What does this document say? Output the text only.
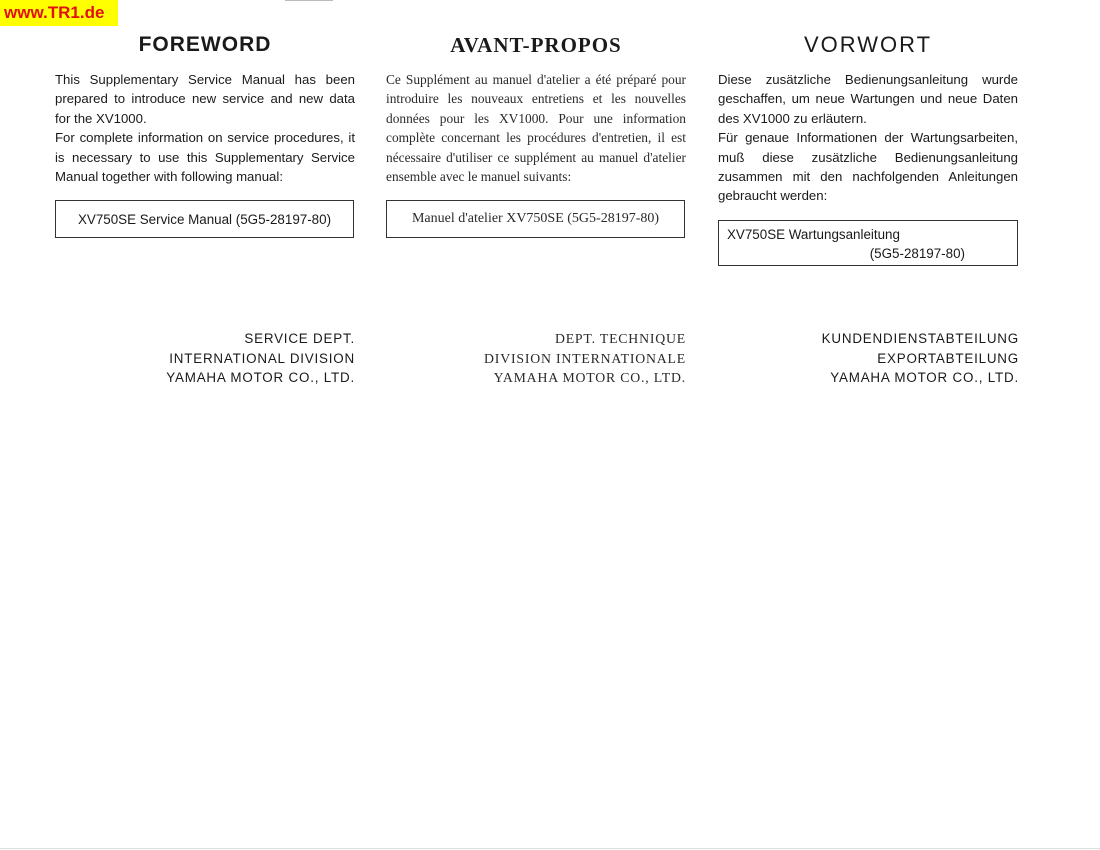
www.TR1.de
FOREWORD

This Supplementary Service Manual has been prepared to introduce new service and new data for the XV1000.

For complete information on service procedures, it is necessary to use this Supplementary Service Manual together with following manual:

XV750SE Service Manual (5G5-28197-80)
AVANT-PROPOS

Ce Supplément au manuel d'atelier a été préparé pour introduire les nouveaux entretiens et les nouvelles données pour les XV1000. Pour une information complète concernant les procédures d'entretien, il est nécessaire d'utiliser ce supplément au manuel d'atelier ensemble avec le manuel suivants:

Manuel d'atelier XV750SE (5G5-28197-80)
VORWORT

Diese zusätzliche Bedienungsanleitung wurde geschaffen, um neue Wartungen und neue Daten des XV1000 zu erläutern.

Für genaue Informationen der Wartungsarbeiten, muß diese zusätzliche Bedienungsanleitung zusammen mit den nachfolgenden Anleitungen gebraucht werden:

XV750SE Wartungsanleitung
(5G5-28197-80)
SERVICE DEPT.
INTERNATIONAL DIVISION
YAMAHA MOTOR CO., LTD.
DEPT. TECHNIQUE
DIVISION INTERNATIONALE
YAMAHA MOTOR CO., LTD.
KUNDENDIENSTABTEILUNG
EXPORTABTEILUNG
YAMAHA MOTOR CO., LTD.
